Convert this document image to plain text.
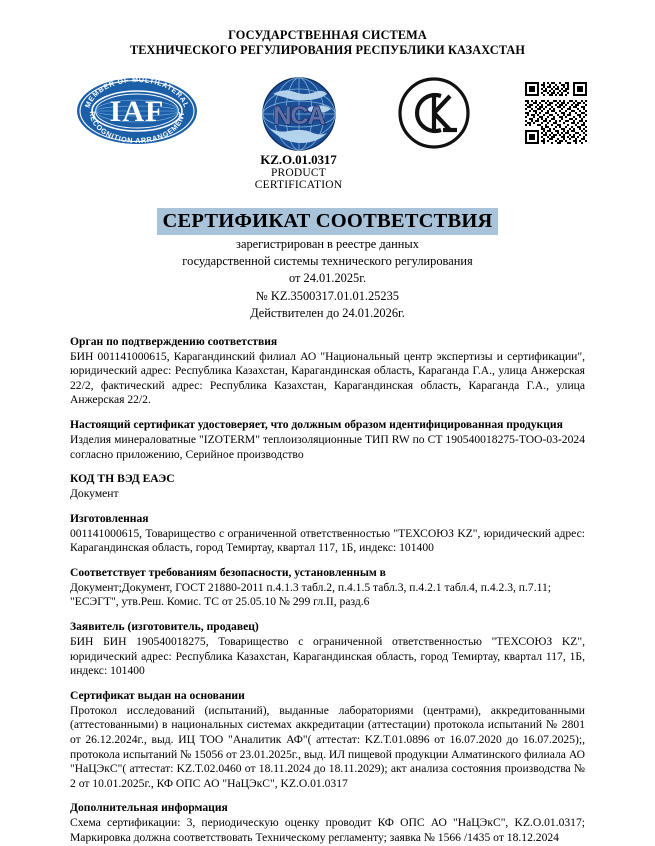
ГОСУДАРСТВЕННАЯ СИСТЕМА
ТЕХНИЧЕСКОГО РЕГУЛИРОВАНИЯ РЕСПУБЛИКИ КАЗАХСТАН
IAF
MEMBER OF MULTILATERAL
RECOGNITION ARRANGEMENT	NCA
KZ.O.01.0317
PRODUCT
CERTIFICATION
СЕРТИФИКАТ СООТВЕТСТВИЯ
зарегистрирован в реестре данных
государственной системы технического регулирования
от 24.01.2025г.
№ KZ.3500317.01.01.25235
Действителен до 24.01.2026г.
Орган по подтверждению соответствия
БИН 001141000615, Карагандинский филиал АО "Национальный центр экспертизы и сертификации", юридический адрес: Республика Казахстан, Карагандинская область, Караганда Г.А., улица Анжерская 22/2, фактический адрес: Республика Казахстан, Карагандинская область, Караганда Г.А., улица Анжерская 22/2.
Настоящий сертификат удостоверяет, что должным образом идентифицированная продукция
Изделия минераловатные "IZOTERM" теплоизоляционные ТИП RW по СТ 190540018275-ТОО-03-2024 согласно приложению, Серийное производство
КОД ТН ВЭД ЕАЭС
Документ
Изготовленная
001141000615, Товарищество с ограниченной ответственностью "ТЕХСОЮЗ KZ", юридический адрес: Карагандинская область, город Темиртау, квартал 117, 1Б, индекс: 101400
Соответствует требованиям безопасности, установленным в
Документ;Документ, ГОСТ 21880-2011 п.4.1.3 табл.2, п.4.1.5 табл.3, п.4.2.1 табл.4, п.4.2.3, п.7.11; "ЕСЭГТ", утв.Реш. Комис. ТС от 25.05.10 № 299 гл.II, разд.6
Заявитель (изготовитель, продавец)
БИН БИН 190540018275, Товарищество с ограниченной ответственностью "ТЕХСОЮЗ KZ", юридический адрес: Республика Казахстан, Карагандинская область, город Темиртау, квартал 117, 1Б, индекс: 101400
Сертификат выдан на основании
Протокол исследований (испытаний), выданные лабораториями (центрами), аккредитованными (аттестованными) в национальных системах аккредитации (аттестации) протокола испытаний № 2801 от 26.12.2024г., выд. ИЦ ТОО "Аналитик АФ"( аттестат: KZ.Т.01.0896 от 16.07.2020 до 16.07.2025);, протокола испытаний № 15056 от 23.01.2025г., выд. ИЛ пищевой продукции Алматинского филиала АО "НаЦЭкС"( аттестат: KZ.Т.02.0460 от 18.11.2024 до 18.11.2029); акт анализа состояния производства № 2 от 10.01.2025г., КФ ОПС АО "НаЦЭкС", KZ.O.01.0317
Дополнительная информация
Схема сертификации: 3, периодическую оценку проводит КФ ОПС АО "НаЦЭкС", KZ.O.01.0317; Маркировка должна соответствовать Техническому регламенту; заявка № 1566 /1435 от 18.12.2024
